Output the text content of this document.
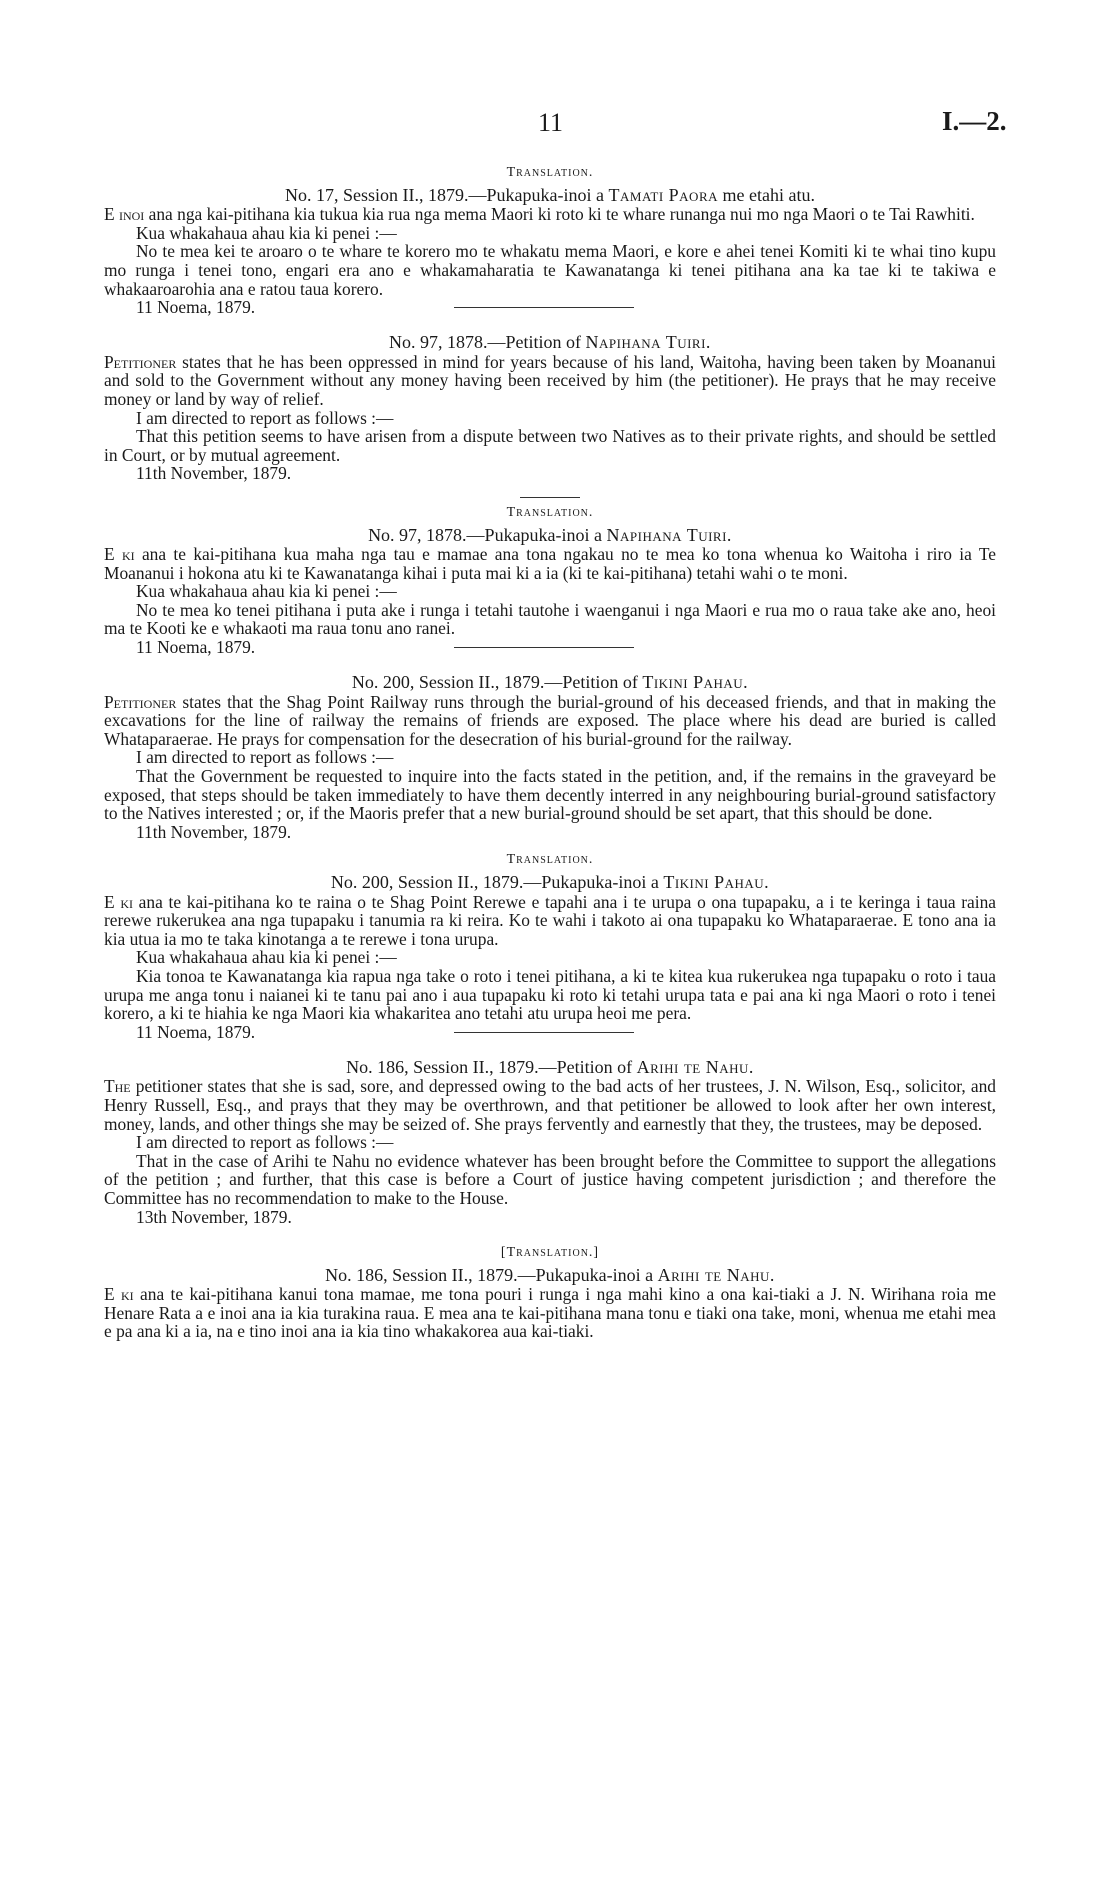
11	I.—2.
Translation.
No. 17, Session II., 1879.—Pukapuka-inoi a Tamati Paora me etahi atu.

E inoi ana nga kai-pitihana kia tukua kia rua nga mema Maori ki roto ki te whare runanga nui mo nga Maori o te Tai Rawhiti.

Kua whakahaua ahau kia ki penei :—

No te mea kei te aroaro o te whare te korero mo te whakatu mema Maori, e kore e ahei tenei Komiti ki te whai tino kupu mo runga i tenei tono, engari era ano e whakamaharatia te Kawanatanga ki tenei pitihana ana ka tae ki te takiwa e whakaaroarohia ana e ratou taua korero.

11 Noema, 1879.
No. 97, 1878.—Petition of Napihana Tuiri.

Petitioner states that he has been oppressed in mind for years because of his land, Waitoha, having been taken by Moananui and sold to the Government without any money having been received by him (the petitioner). He prays that he may receive money or land by way of relief.

I am directed to report as follows :—

That this petition seems to have arisen from a dispute between two Natives as to their private rights, and should be settled in Court, or by mutual agreement.

11th November, 1879.

Translation.
No. 97, 1878.—Pukapuka-inoi a Napihana Tuiri.

E ki ana te kai-pitihana kua maha nga tau e mamae ana tona ngakau no te mea ko tona whenua ko Waitoha i riro ia Te Moananui i hokona atu ki te Kawanatanga kihai i puta mai ki a ia (ki te kai-pitihana) tetahi wahi o te moni.

Kua whakahaua ahau kia ki penei :—

No te mea ko tenei pitihana i puta ake i runga i tetahi tautohe i waenganui i nga Maori e rua mo o raua take ake ano, heoi ma te Kooti ke e whakaoti ma raua tonu ano ranei.

11 Noema, 1879.
No. 200, Session II., 1879.—Petition of Tikini Pahau.

Petitioner states that the Shag Point Railway runs through the burial-ground of his deceased friends, and that in making the excavations for the line of railway the remains of friends are exposed. The place where his dead are buried is called Whataparaerae. He prays for compensation for the desecration of his burial-ground for the railway.

I am directed to report as follows :—

That the Government be requested to inquire into the facts stated in the petition, and, if the remains in the graveyard be exposed, that steps should be taken immediately to have them decently interred in any neighbouring burial-ground satisfactory to the Natives interested ; or, if the Maoris prefer that a new burial-ground should be set apart, that this should be done.

11th November, 1879.

Translation.
No. 200, Session II., 1879.—Pukapuka-inoi a Tikini Pahau.

E ki ana te kai-pitihana ko te raina o te Shag Point Rerewe e tapahi ana i te urupa o ona tupapaku, a i te keringa i taua raina rerewe rukerukea ana nga tupapaku i tanumia ra ki reira. Ko te wahi i takoto ai ona tupapaku ko Whataparaerae. E tono ana ia kia utua ia mo te taka kinotanga a te rerewe i tona urupa.

Kua whakahaua ahau kia ki penei :—

Kia tonoa te Kawanatanga kia rapua nga take o roto i tenei pitihana, a ki te kitea kua rukerukea nga tupapaku o roto i taua urupa me anga tonu i naianei ki te tanu pai ano i aua tupapaku ki roto ki tetahi urupa tata e pai ana ki nga Maori o roto i tenei korero, a ki te hiahia ke nga Maori kia whakaritea ano tetahi atu urupa heoi me pera.

11 Noema, 1879.
No. 186, Session II., 1879.—Petition of Arihi te Nahu.

The petitioner states that she is sad, sore, and depressed owing to the bad acts of her trustees, J. N. Wilson, Esq., solicitor, and Henry Russell, Esq., and prays that they may be overthrown, and that petitioner be allowed to look after her own interest, money, lands, and other things she may be seized of. She prays fervently and earnestly that they, the trustees, may be deposed.

I am directed to report as follows :—

That in the case of Arihi te Nahu no evidence whatever has been brought before the Committee to support the allegations of the petition ; and further, that this case is before a Court of justice having competent jurisdiction ; and therefore the Committee has no recommendation to make to the House.

13th November, 1879.

[Translation.]
No. 186, Session II., 1879.—Pukapuka-inoi a Arihi te Nahu.

E ki ana te kai-pitihana kanui tona mamae, me tona pouri i runga i nga mahi kino a ona kai-tiaki a J. N. Wirihana roia me Henare Rata a e inoi ana ia kia turakina raua. E mea ana te kai-pitihana mana tonu e tiaki ona take, moni, whenua me etahi mea e pa ana ki a ia, na e tino inoi ana ia kia tino whakakorea aua kai-tiaki.
